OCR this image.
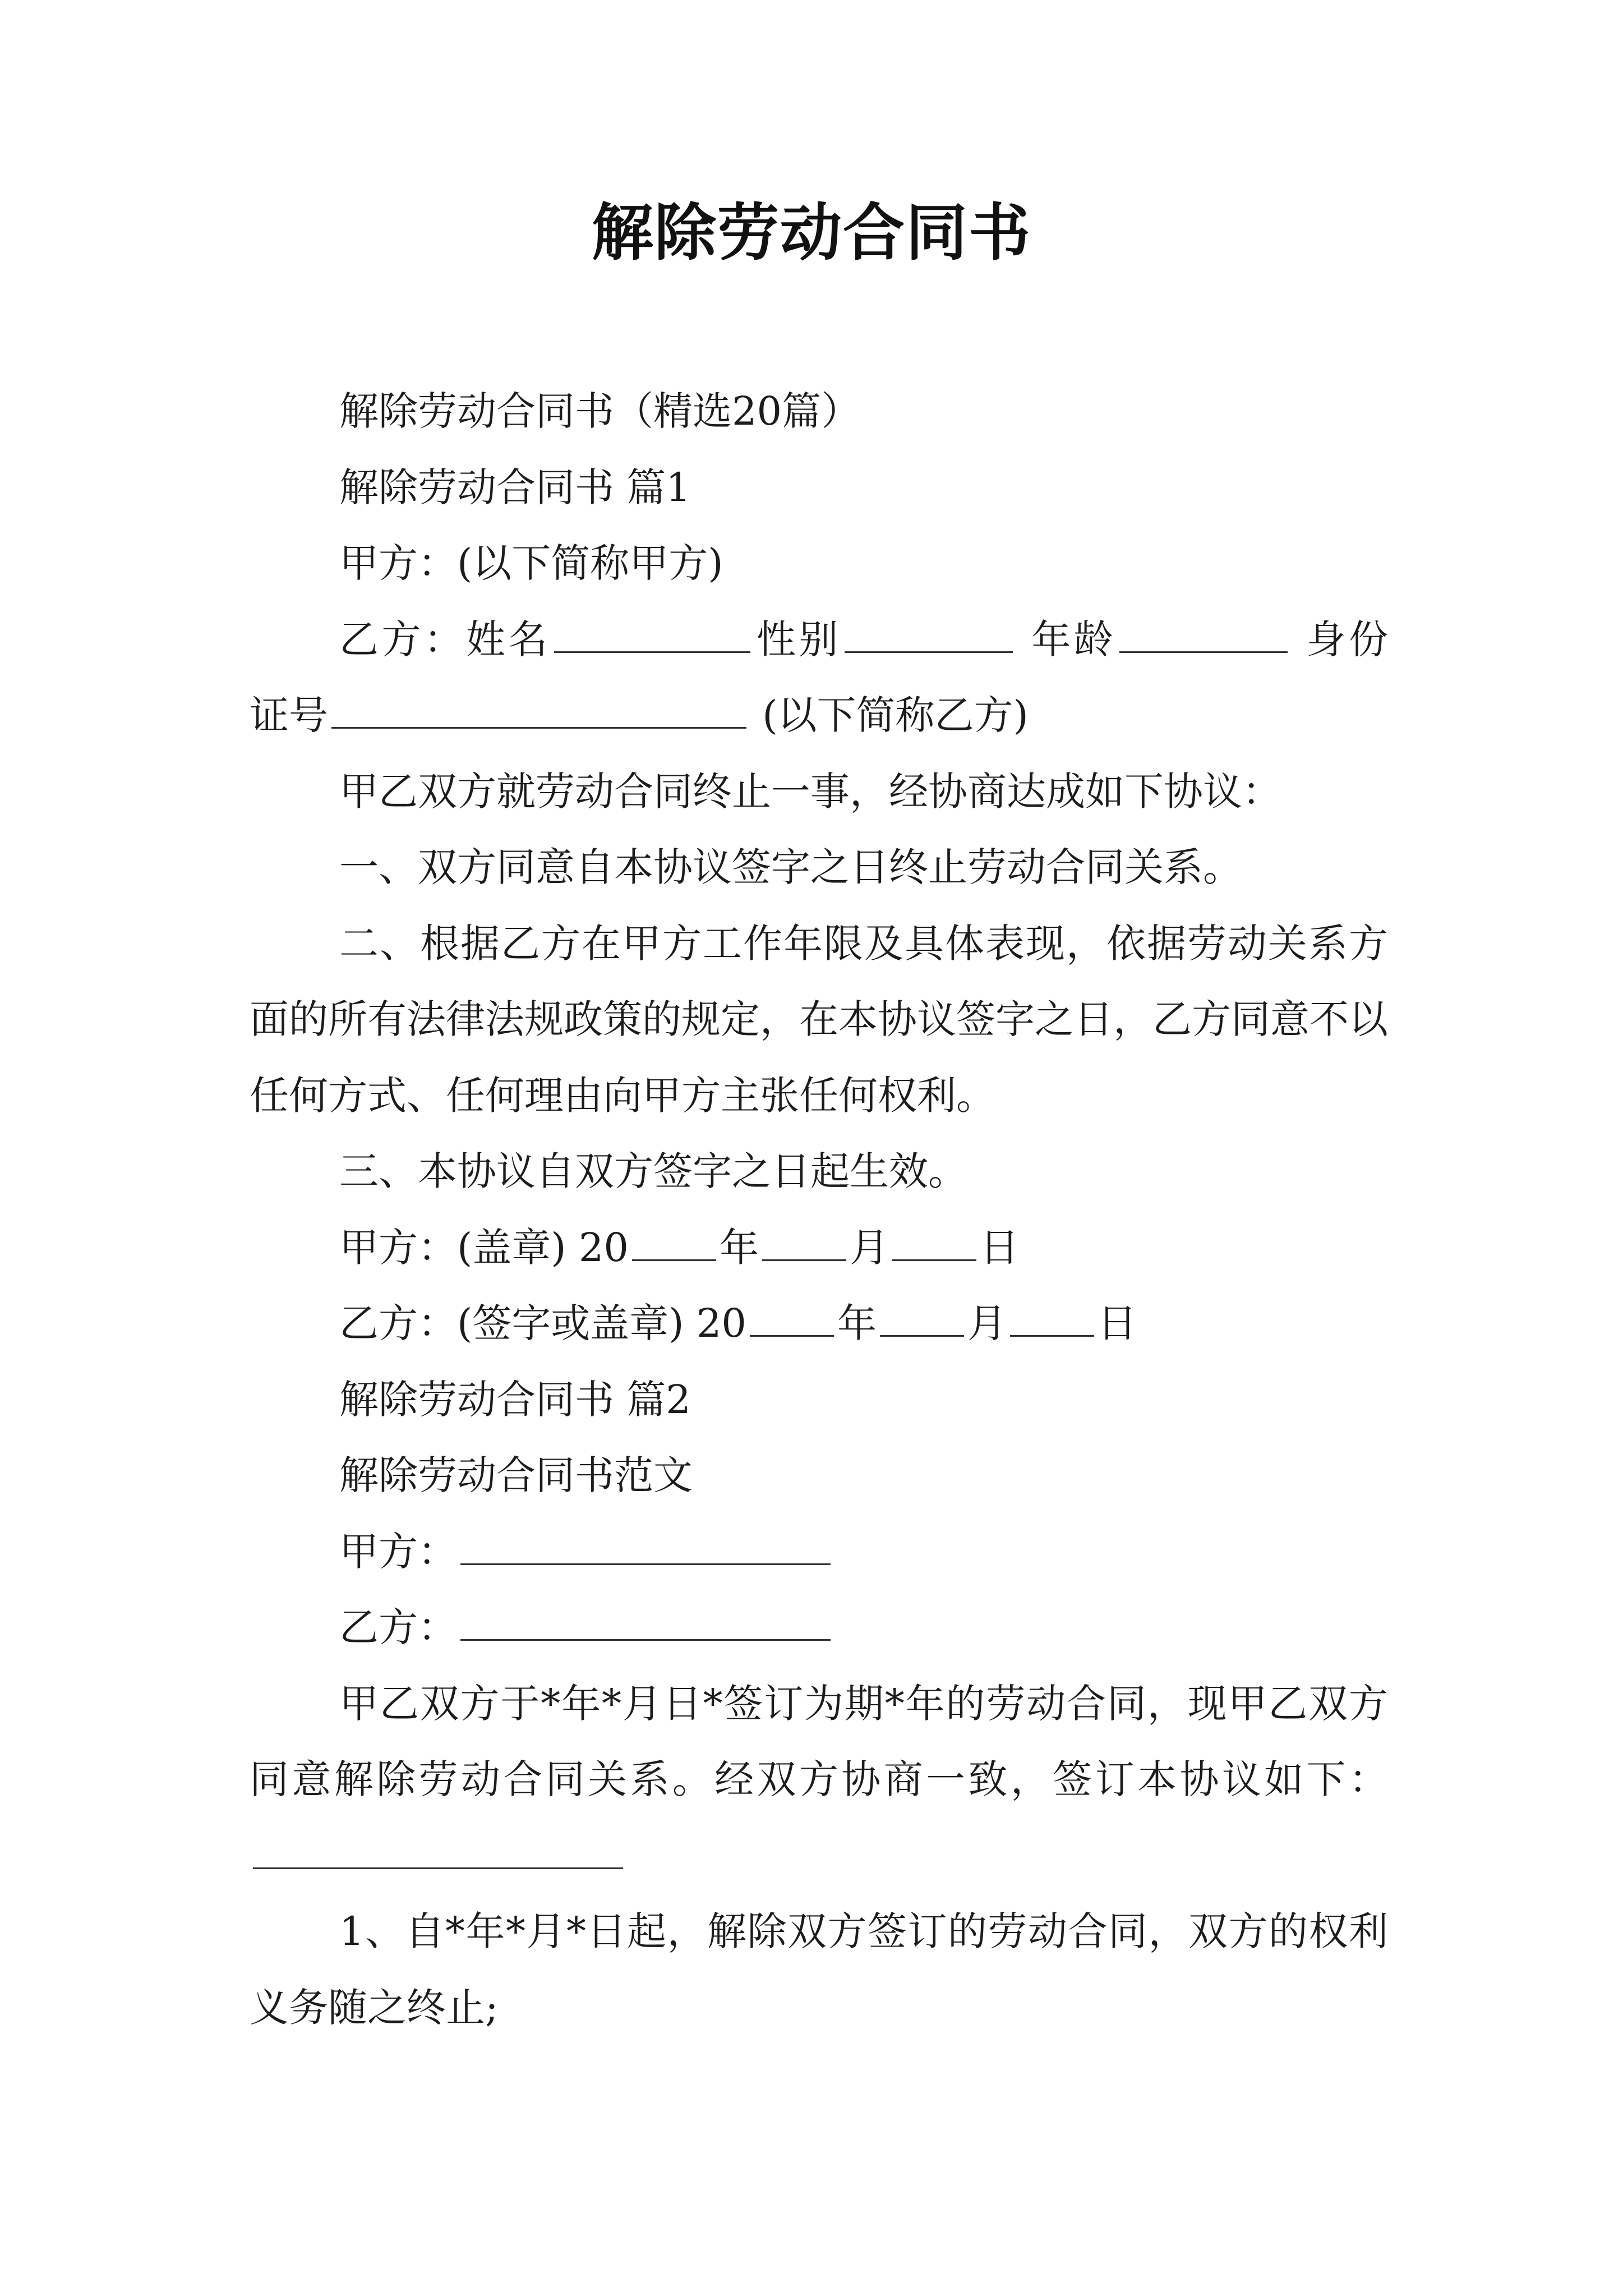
解除劳动合同书

解除劳动合同书（精选20篇）

解除劳动合同书 篇1

甲方：(以下简称甲方)

乙方：姓名	性别	年龄	身份证号	(以下简称乙方)

甲乙双方就劳动合同终止一事，经协商达成如下协议：

一、双方同意自本协议签字之日终止劳动合同关系。

二、根据乙方在甲方工作年限及具体表现，依据劳动关系方面的所有法律法规政策的规定，在本协议签字之日，乙方同意不以任何方式、任何理由向甲方主张任何权利。

三、本协议自双方签字之日起生效。

甲方：(盖章) 20 年 月 日

乙方：(签字或盖章) 20 年 月 日

解除劳动合同书 篇2

解除劳动合同书范文

甲方：

乙方：

甲乙双方于*年*月日*签订为期*年的劳动合同，现甲乙双方同意解除劳动合同关系。经双方协商一致，签订本协议如下：

1、自*年*月*日起，解除双方签订的劳动合同，双方的权利义务随之终止;
